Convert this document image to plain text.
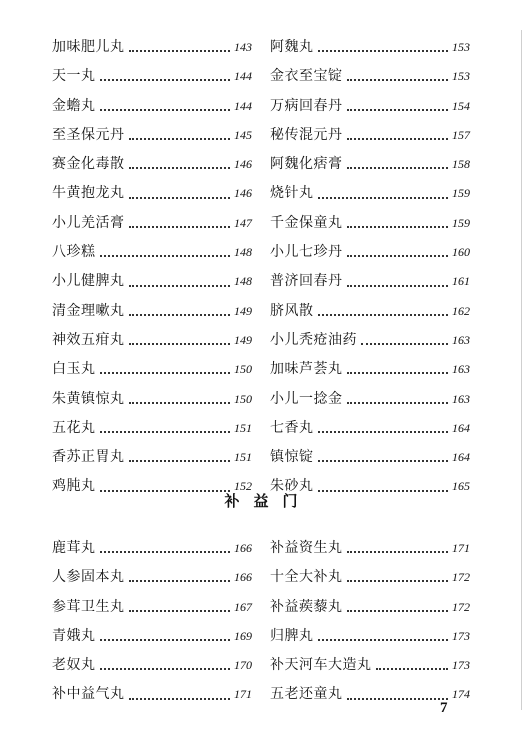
加味肥儿丸	143
天一丸	144
金蟾丸	144
至圣保元丹	145
赛金化毒散	146
牛黄抱龙丸	146
小儿羌活膏	147
八珍糕	148
小儿健脾丸	148
清金理嗽丸	149
神效五疳丸	149
白玉丸	150
朱黄镇惊丸	150
五花丸	151
香苏正胃丸	151
鸡肫丸	152
阿魏丸	153
金衣至宝锭	153
万病回春丹	154
秘传混元丹	157
阿魏化痞膏	158
烧针丸	159
千金保童丸	159
小儿七珍丹	160
普济回春丹	161
脐风散	162
小儿秃疮油药	163
加味芦荟丸	163
小儿一捻金	163
七香丸	164
镇惊锭	164
朱砂丸	165
补益门
鹿茸丸	166
人参固本丸	166
参茸卫生丸	167
青娥丸	169
老奴丸	170
补中益气丸	171
补益资生丸	171
十全大补丸	172
补益蒺藜丸	172
归脾丸	173
补天河车大造丸	173
五老还童丸	174
7
